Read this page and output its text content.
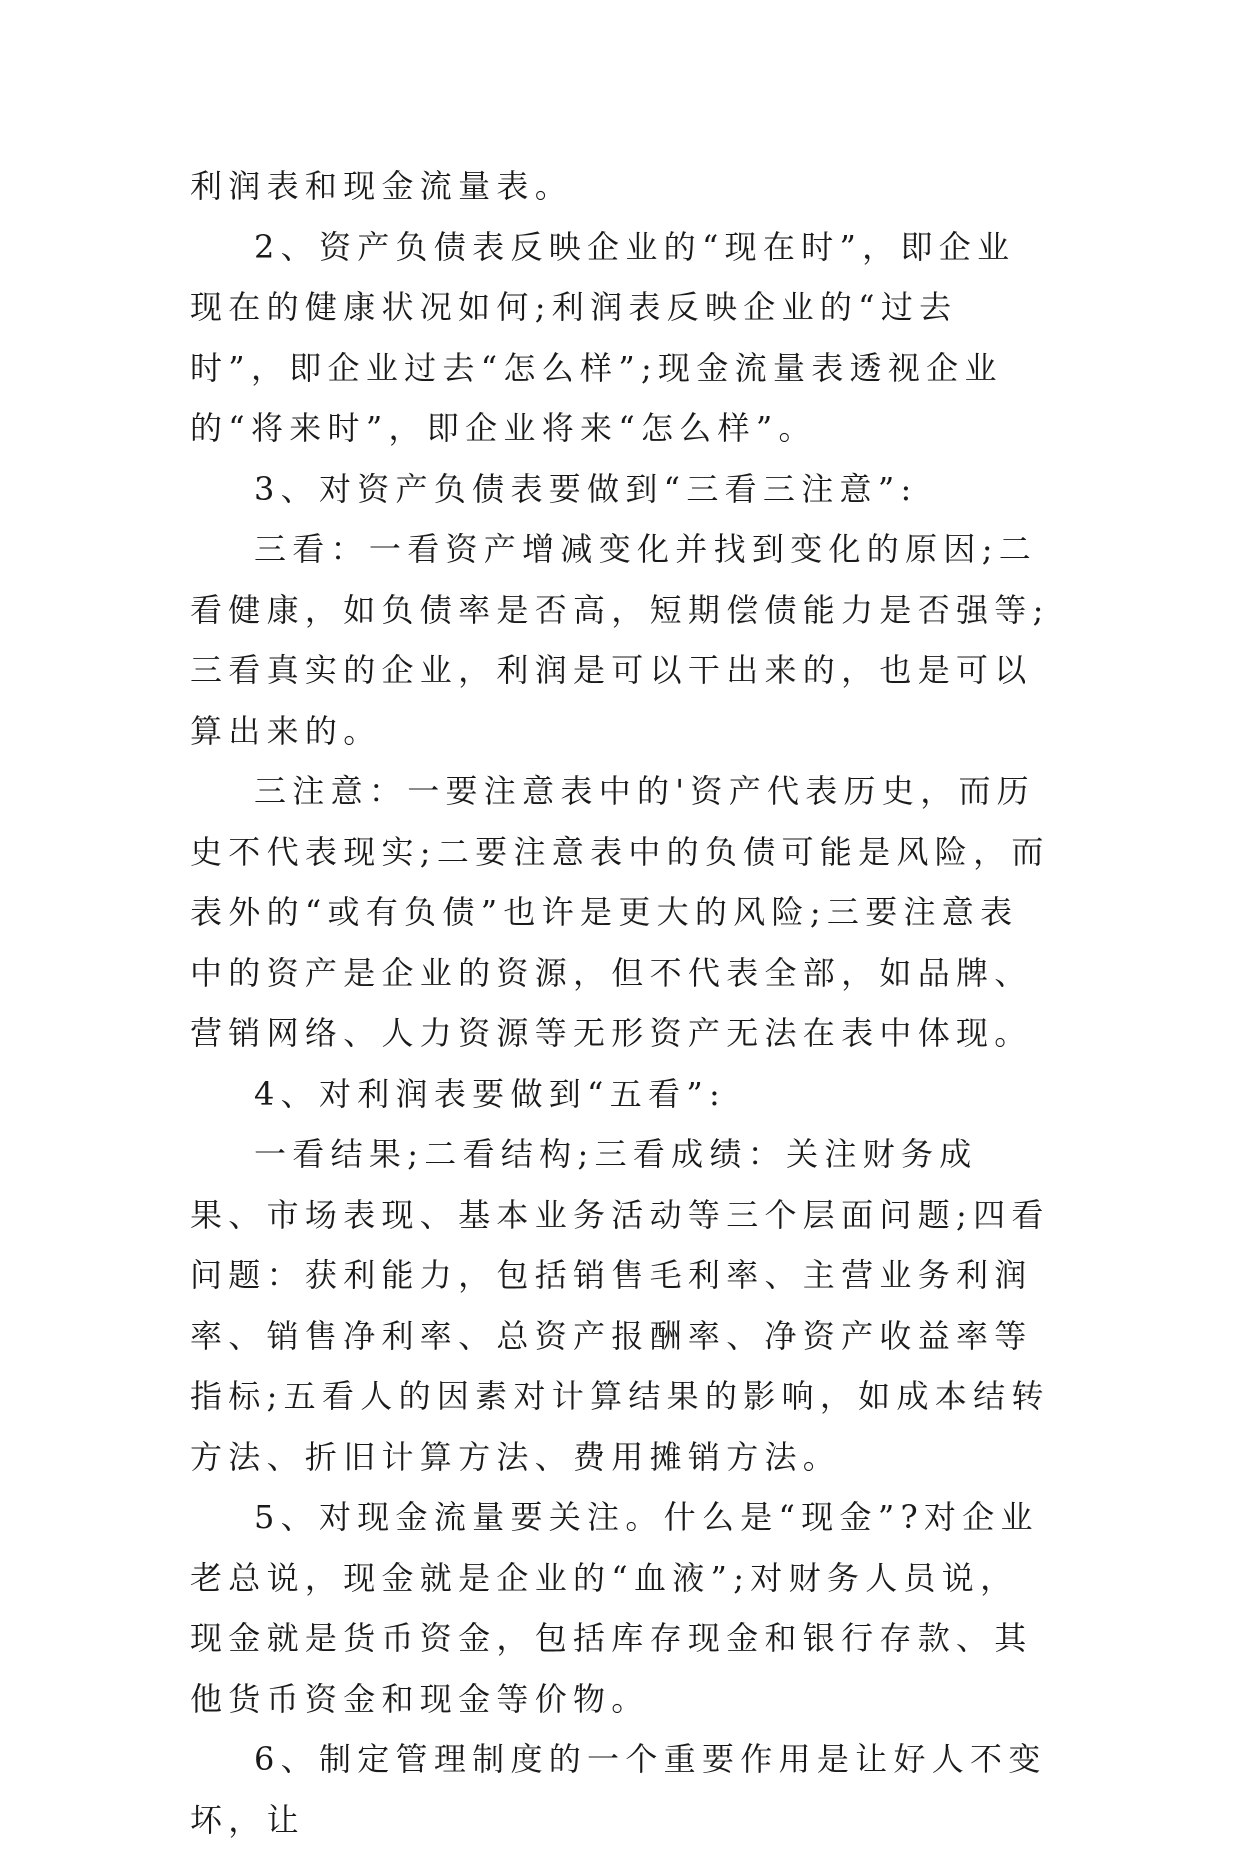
利润表和现金流量表。

2、资产负债表反映企业的“现在时”，即企业现在的健康状况如何;利润表反映企业的“过去时”，即企业过去“怎么样”;现金流量表透视企业的“将来时”，即企业将来“怎么样”。

3、对资产负债表要做到“三看三注意”:

三看：一看资产增减变化并找到变化的原因;二看健康，如负债率是否高，短期偿债能力是否强等;三看真实的企业，利润是可以干出来的，也是可以算出来的。

三注意：一要注意表中的'资产代表历史，而历史不代表现实;二要注意表中的负债可能是风险，而表外的“或有负债”也许是更大的风险;三要注意表中的资产是企业的资源，但不代表全部，如品牌、营销网络、人力资源等无形资产无法在表中体现。

4、对利润表要做到“五看”:

一看结果;二看结构;三看成绩：关注财务成果、市场表现、基本业务活动等三个层面问题;四看问题：获利能力，包括销售毛利率、主营业务利润率、销售净利率、总资产报酬率、净资产收益率等指标;五看人的因素对计算结果的影响，如成本结转方法、折旧计算方法、费用摊销方法。

5、对现金流量要关注。什么是“现金”?对企业老总说，现金就是企业的“血液”;对财务人员说，现金就是货币资金，包括库存现金和银行存款、其他货币资金和现金等价物。

6、制定管理制度的一个重要作用是让好人不变坏，让
